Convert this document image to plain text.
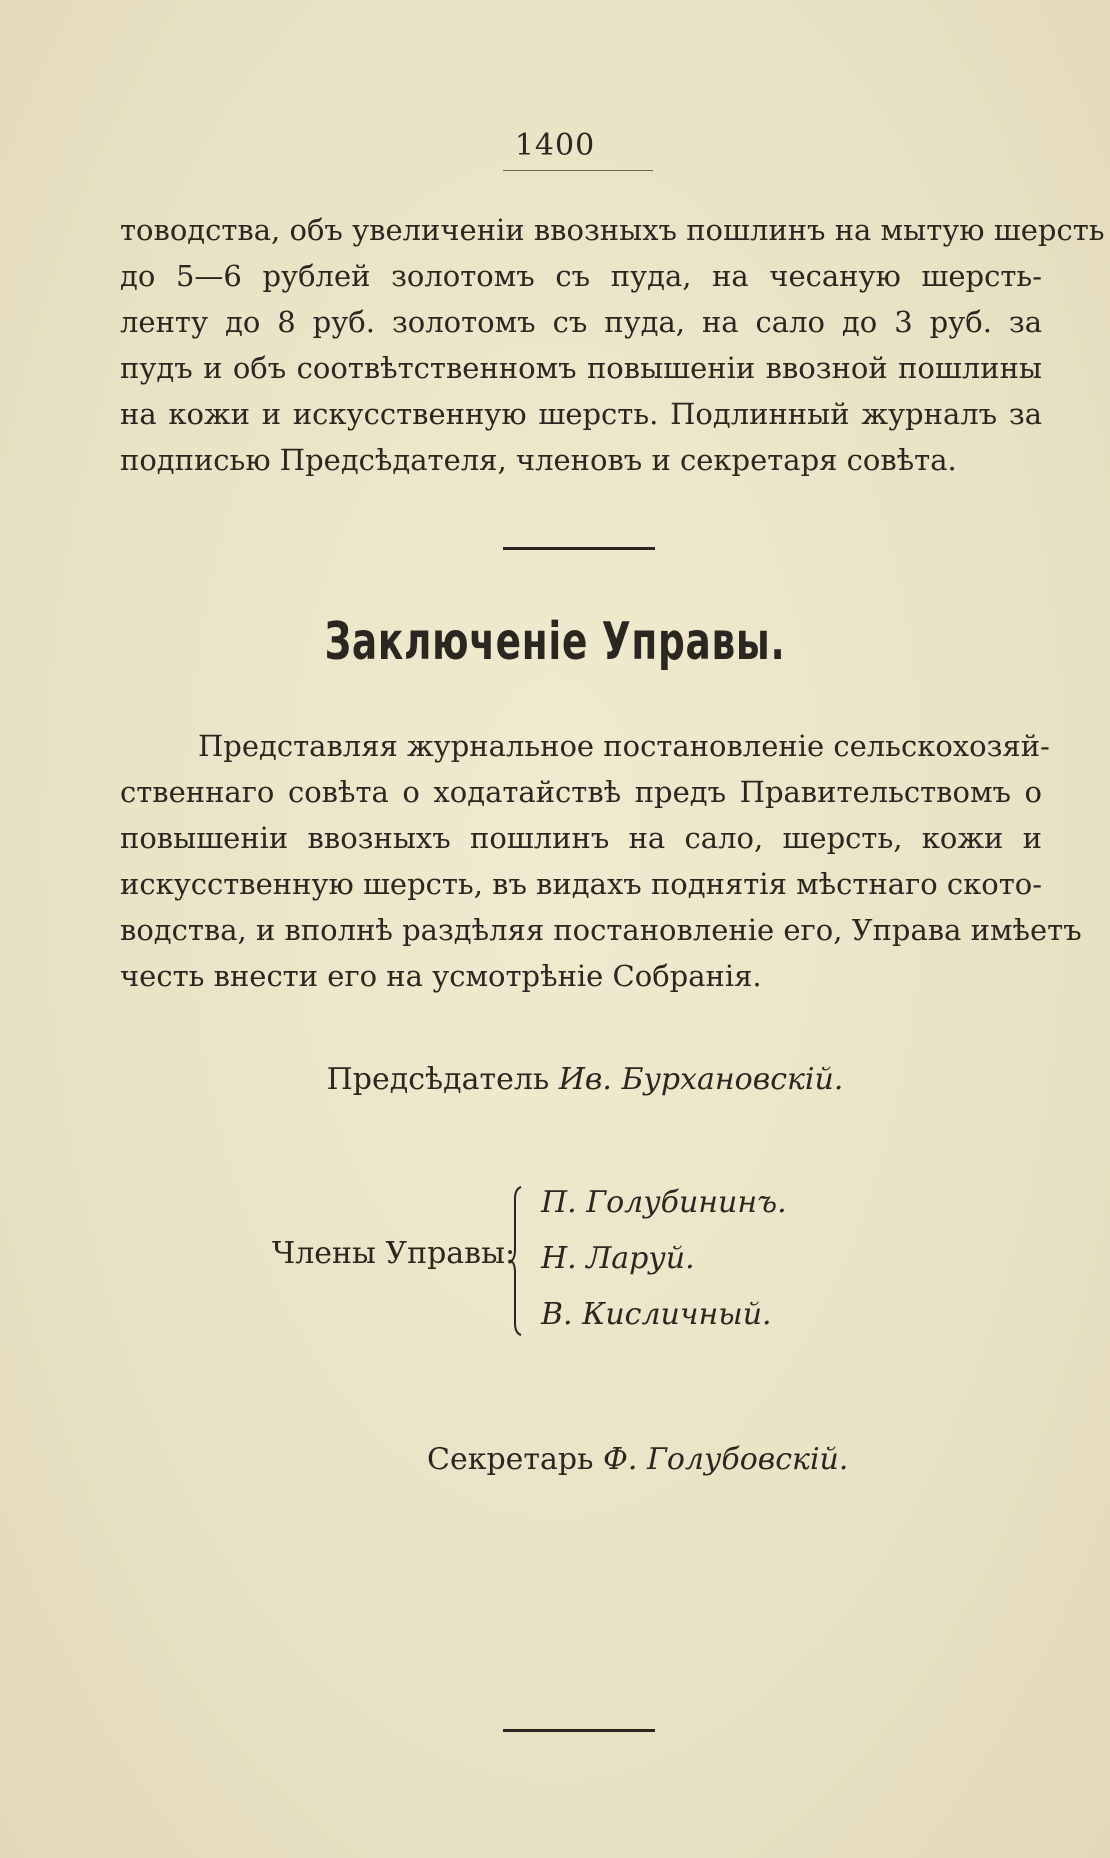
1400
товодства, объ увеличеніи ввозныхъ пошлинъ на мытую шерсть
до 5—6 рублей золотомъ съ пуда, на чесаную шерсть-
ленту до 8 руб. золотомъ съ пуда, на сало до 3 руб. за
пудъ и объ соотвѣтственномъ повышеніи ввозной пошлины
на кожи и искусственную шерсть. Подлинный журналъ за
подписью Предсѣдателя, членовъ и секретаря совѣта.
Заключеніе Управы.
Представляя журнальное постановленіе сельскохозяй-
ственнаго совѣта о ходатайствѣ предъ Правительствомъ о
повышеніи ввозныхъ пошлинъ на сало, шерсть, кожи и
искусственную шерсть, въ видахъ поднятія мѣстнаго ското-
водства, и вполнѣ раздѣляя постановленіе его, Управа имѣетъ
честь внести его на усмотрѣніе Собранія.
Предсѣдатель Ив. Бурхановскій.
Члены Управы:
П. Голубининъ.
Н. Ларуй.
В. Кисличный.
Секретарь Ф. Голубовскій.
